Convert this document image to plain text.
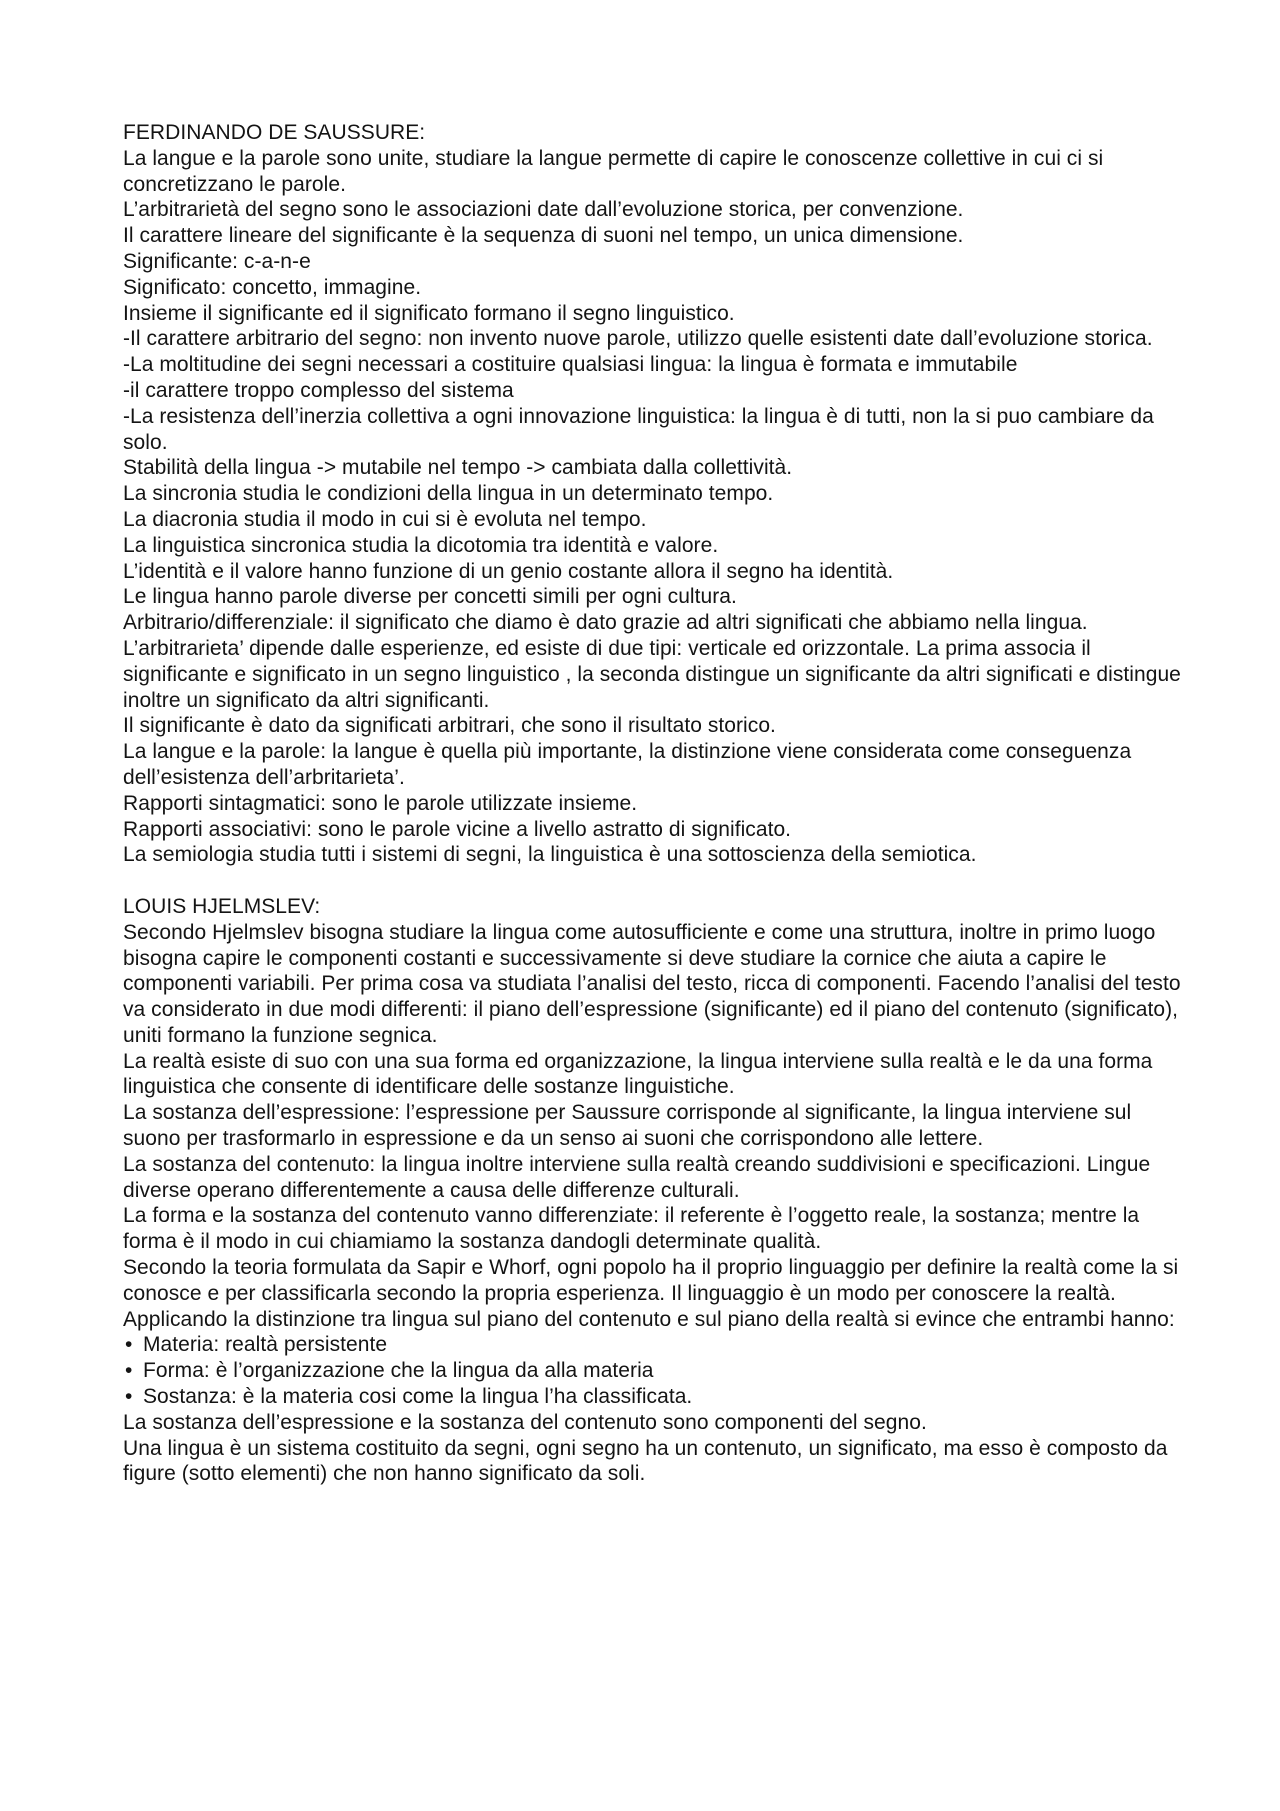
FERDINANDO DE SAUSSURE:

La langue e la parole sono unite, studiare la langue permette di capire le conoscenze collettive in cui ci si concretizzano le parole.

L’arbitrarietà del segno sono le associazioni date dall’evoluzione storica, per convenzione.

Il carattere lineare del significante è la sequenza di suoni nel tempo, un unica dimensione.

Significante: c-a-n-e

Significato: concetto, immagine.

Insieme il significante ed il significato formano il segno linguistico.

-Il carattere arbitrario del segno: non invento nuove parole, utilizzo quelle esistenti date dall’evoluzione storica.

-La moltitudine dei segni necessari a costituire qualsiasi lingua: la lingua è formata e immutabile

-il carattere troppo complesso del sistema

-La resistenza dell’inerzia collettiva a ogni innovazione linguistica: la lingua è di tutti, non la si puo cambiare da solo.

Stabilità della lingua -> mutabile nel tempo -> cambiata dalla collettività.

La sincronia studia le condizioni della lingua in un determinato tempo.

La diacronia studia il modo in cui si è evoluta nel tempo.

La linguistica sincronica studia la dicotomia tra identità e valore.

L’identità e il valore hanno funzione di un genio costante allora il segno ha identità.

Le lingua hanno parole diverse per concetti simili per ogni cultura.

Arbitrario/differenziale: il significato che diamo è dato grazie ad altri significati che abbiamo nella lingua. L’arbitrarieta’ dipende dalle esperienze, ed esiste di due tipi: verticale ed orizzontale. La prima associa il significante e significato in un segno linguistico , la seconda distingue un significante da altri significati e distingue inoltre un significato da altri significanti.

Il significante è dato da significati arbitrari, che sono il risultato storico.

La langue e la parole: la langue è quella più importante, la distinzione viene considerata come conseguenza dell’esistenza dell’arbritarieta’.

Rapporti sintagmatici: sono le parole utilizzate insieme.

Rapporti associativi: sono le parole vicine a livello astratto di significato.

La semiologia studia tutti i sistemi di segni, la linguistica è una sottoscienza della semiotica.

LOUIS HJELMSLEV:

Secondo Hjelmslev bisogna studiare la lingua come autosufficiente e come una struttura, inoltre in primo luogo bisogna capire le componenti costanti e successivamente si deve studiare la cornice che aiuta a capire le componenti variabili. Per prima cosa va studiata l’analisi del testo, ricca di componenti. Facendo l’analisi del testo va considerato in due modi differenti: il piano dell’espressione (significante) ed il piano del contenuto (significato), uniti formano la funzione segnica.

La realtà esiste di suo con una sua forma ed organizzazione, la lingua interviene sulla realtà e le da una forma linguistica che consente di identificare delle sostanze linguistiche.

La sostanza dell’espressione: l’espressione per Saussure corrisponde al significante, la lingua interviene sul suono per trasformarlo in espressione e da un senso ai suoni che corrispondono alle lettere.

La sostanza del contenuto: la lingua inoltre interviene sulla realtà creando suddivisioni e specificazioni. Lingue diverse operano differentemente a causa delle differenze culturali.

La forma e la sostanza del contenuto vanno differenziate: il referente è l’oggetto reale, la sostanza; mentre la forma è il modo in cui chiamiamo la sostanza dandogli determinate qualità.

Secondo la teoria formulata da Sapir e Whorf, ogni popolo ha il proprio linguaggio per definire la realtà come la si conosce e per classificarla secondo la propria esperienza. Il linguaggio è un modo per conoscere la realtà.

Applicando la distinzione tra lingua sul piano del contenuto e sul piano della realtà si evince che entrambi hanno:

• Materia: realtà persistente
• Forma: è l’organizzazione che la lingua da alla materia
• Sostanza: è la materia cosi come la lingua l’ha classificata.

La sostanza dell’espressione e la sostanza del contenuto sono componenti del segno.

Una lingua è un sistema costituito da segni, ogni segno ha un contenuto, un significato, ma esso è composto da figure (sotto elementi) che non hanno significato da soli.
